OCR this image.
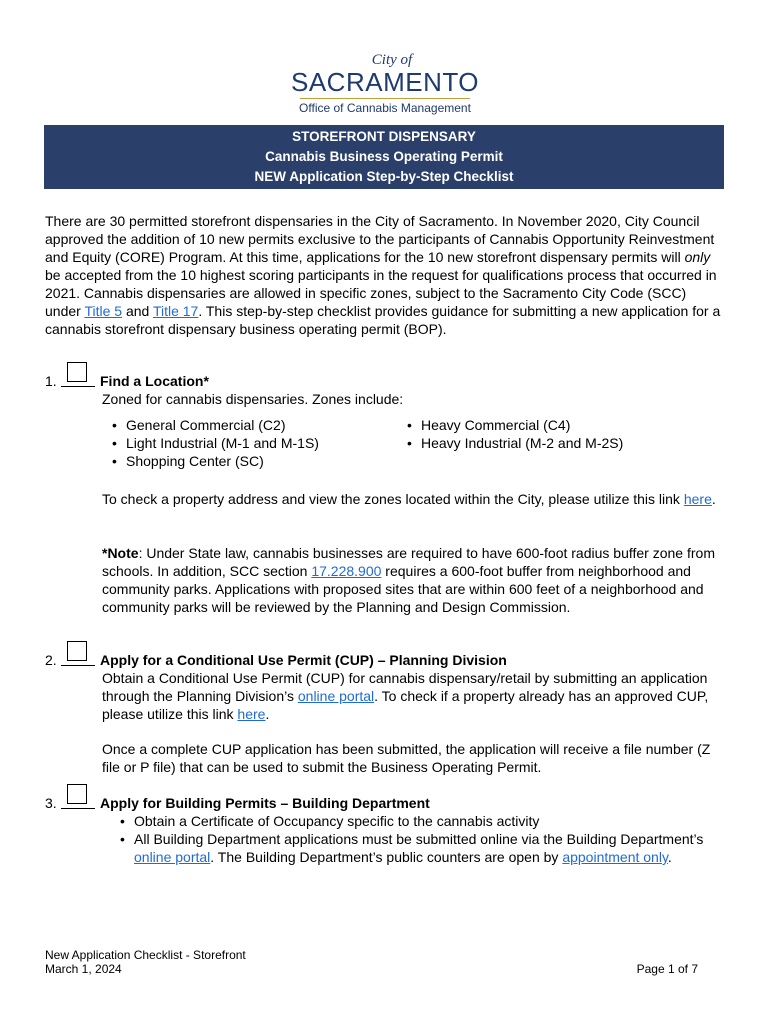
City of
SACRAMENTO
Office of Cannabis Management
STOREFRONT DISPENSARY
Cannabis Business Operating Permit
NEW Application Step-by-Step Checklist
There are 30 permitted storefront dispensaries in the City of Sacramento. In November 2020, City Council approved the addition of 10 new permits exclusive to the participants of Cannabis Opportunity Reinvestment and Equity (CORE) Program. At this time, applications for the 10 new storefront dispensary permits will only be accepted from the 10 highest scoring participants in the request for qualifications process that occurred in 2021. Cannabis dispensaries are allowed in specific zones, subject to the Sacramento City Code (SCC) under Title 5 and Title 17. This step-by-step checklist provides guidance for submitting a new application for a cannabis storefront dispensary business operating permit (BOP).
1.	Find a Location*
Zoned for cannabis dispensaries. Zones include:
• General Commercial (C2)
• Light Industrial (M-1 and M-1S)
• Shopping Center (SC)
• Heavy Commercial (C4)
• Heavy Industrial (M-2 and M-2S)
To check a property address and view the zones located within the City, please utilize this link here.
*Note: Under State law, cannabis businesses are required to have 600-foot radius buffer zone from schools. In addition, SCC section 17.228.900 requires a 600-foot buffer from neighborhood and community parks. Applications with proposed sites that are within 600 feet of a neighborhood and community parks will be reviewed by the Planning and Design Commission.
2.	Apply for a Conditional Use Permit (CUP) – Planning Division
Obtain a Conditional Use Permit (CUP) for cannabis dispensary/retail by submitting an application through the Planning Division’s online portal. To check if a property already has an approved CUP, please utilize this link here.
Once a complete CUP application has been submitted, the application will receive a file number (Z file or P file) that can be used to submit the Business Operating Permit.
3.	Apply for Building Permits – Building Department
• Obtain a Certificate of Occupancy specific to the cannabis activity
• All Building Department applications must be submitted online via the Building Department’s online portal. The Building Department’s public counters are open by appointment only.
New Application Checklist - Storefront
March 1, 2024	Page 1 of 7
